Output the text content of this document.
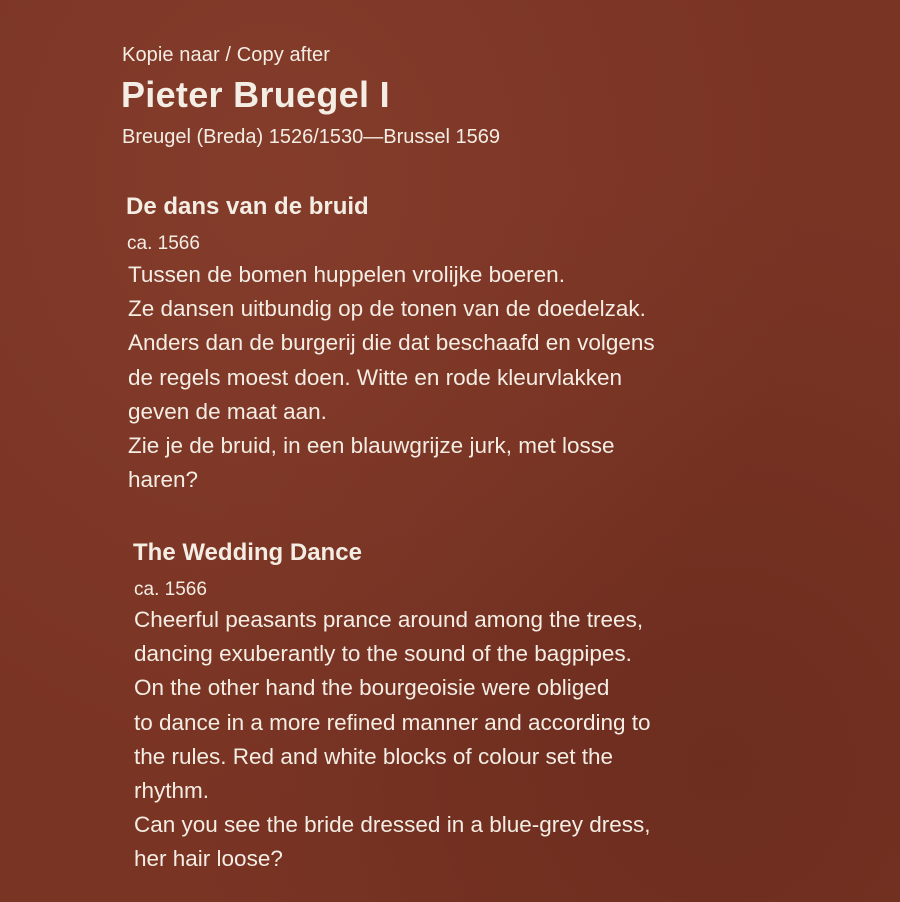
Kopie naar / Copy after
Pieter Bruegel I
Breugel (Breda) 1526/1530—Brussel 1569
De dans van de bruid
ca. 1566

Tussen de bomen huppelen vrolijke boeren.
Ze dansen uitbundig op de tonen van de doedelzak.
Anders dan de burgerij die dat beschaafd en volgens
de regels moest doen. Witte en rode kleurvlakken
geven de maat aan.
Zie je de bruid, in een blauwgrijze jurk, met losse
haren?

The Wedding Dance
ca. 1566

Cheerful peasants prance around among the trees,
dancing exuberantly to the sound of the bagpipes.
On the other hand the bourgeoisie were obliged
to dance in a more refined manner and according to
the rules. Red and white blocks of colour set the
rhythm.
Can you see the bride dressed in a blue-grey dress,
her hair loose?
